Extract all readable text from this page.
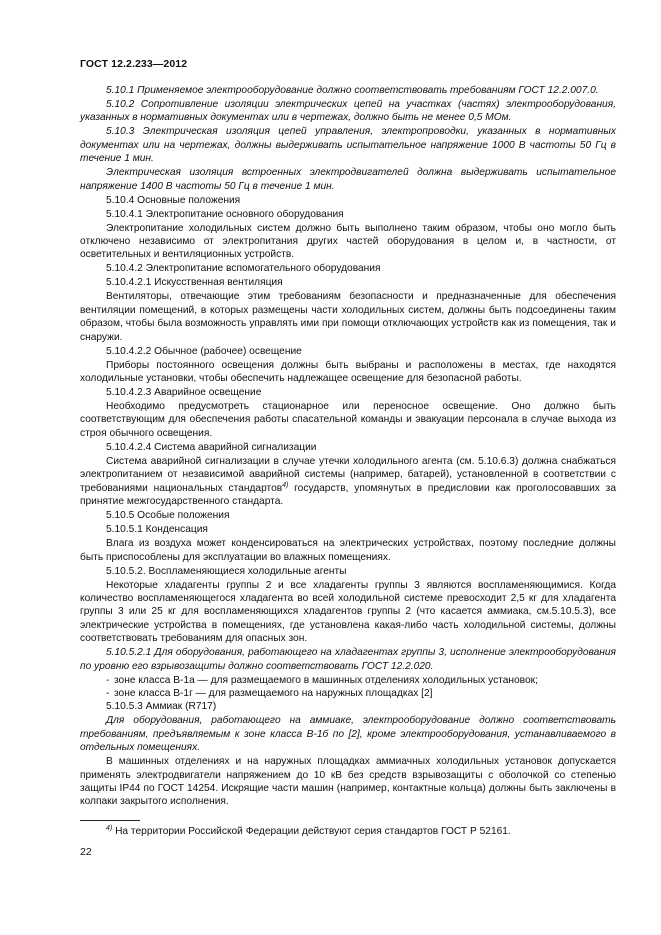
ГОСТ 12.2.233—2012

5.10.1 Применяемое электрооборудование должно соответствовать требованиям ГОСТ 12.2.007.0.

5.10.2 Сопротивление изоляции электрических цепей на участках (частях) электрооборудования, указанных в нормативных документах или в чертежах, должно быть не менее 0,5 МОм.

5.10.3 Электрическая изоляция цепей управления, электропроводки, указанных в нормативных документах или на чертежах, должны выдерживать испытательное напряжение 1000 В частоты 50 Гц в течение 1 мин.

Электрическая изоляция встроенных электродвигателей должна выдерживать испытательное напряжение 1400 В частоты 50 Гц в течение 1 мин.

5.10.4 Основные положения

5.10.4.1 Электропитание основного оборудования

Электропитание холодильных систем должно быть выполнено таким образом, чтобы оно могло быть отключено независимо от электропитания других частей оборудования в целом и, в частности, от осветительных и вентиляционных устройств.

5.10.4.2 Электропитание вспомогательного оборудования

5.10.4.2.1 Искусственная вентиляция

Вентиляторы, отвечающие этим требованиям безопасности и предназначенные для обеспечения вентиляции помещений, в которых размещены части холодильных систем, должны быть подсоединены таким образом, чтобы была возможность управлять ими при помощи отключающих устройств как из помещения, так и снаружи.

5.10.4.2.2 Обычное (рабочее) освещение

Приборы постоянного освещения должны быть выбраны и расположены в местах, где находятся холодильные установки, чтобы обеспечить надлежащее освещение для безопасной работы.

5.10.4.2.3 Аварийное освещение

Необходимо предусмотреть стационарное или переносное освещение. Оно должно быть соответствующим для обеспечения работы спасательной команды и эвакуации персонала в случае выхода из строя обычного освещения.

5.10.4.2.4 Система аварийной сигнализации

Система аварийной сигнализации в случае утечки холодильного агента (см. 5.10.6.3) должна снабжаться электропитанием от независимой аварийной системы (например, батарей), установленной в соответствии с требованиями национальных стандартов$^{4)}$ государств, упомянутых в предисловии как проголосовавших за принятие межгосударственного стандарта.

5.10.5 Особые положения

5.10.5.1 Конденсация

Влага из воздуха может конденсироваться на электрических устройствах, поэтому последние должны быть приспособлены для эксплуатации во влажных помещениях.

5.10.5.2. Воспламеняющиеся холодильные агенты

Некоторые хладагенты группы 2 и все хладагенты группы 3 являются воспламеняющимися. Когда количество воспламеняющегося хладагента во всей холодильной системе превосходит 2,5 кг для хладагента группы 3 или 25 кг для воспламеняющихся хладагентов группы 2 (что касается аммиака, см.5.10.5.3), все электрические устройства в помещениях, где установлена какая-либо часть холодильной системы, должны соответствовать требованиям для опасных зон.

5.10.5.2.1 Для оборудования, работающего на хладагентах группы 3, исполнение электрооборудования по уровню его взрывозащиты должно соответствовать ГОСТ 12.2.020.

- зоне класса В-1а — для размещаемого в машинных отделениях холодильных установок;

- зоне класса В-1г — для размещаемого на наружных площадках [2]

5.10.5.3 Аммиак (R717)

Для оборудования, работающего на аммиаке, электрооборудование должно соответствовать требованиям, предъявляемым к зоне класса В-1б по [2], кроме электрооборудования, устанавливаемого в отдельных помещениях.

В машинных отделениях и на наружных площадках аммиачных холодильных установок допускается применять электродвигатели напряжением до 10 кВ без средств взрывозащиты с оболочкой со степенью защиты IP44 по ГОСТ 14254. Искрящие части машин (например, контактные кольца) должны быть заключены в колпаки закрытого исполнения.

$^{4)}$ На территории Российской Федерации действуют серия стандартов ГОСТ Р 52161.
22
